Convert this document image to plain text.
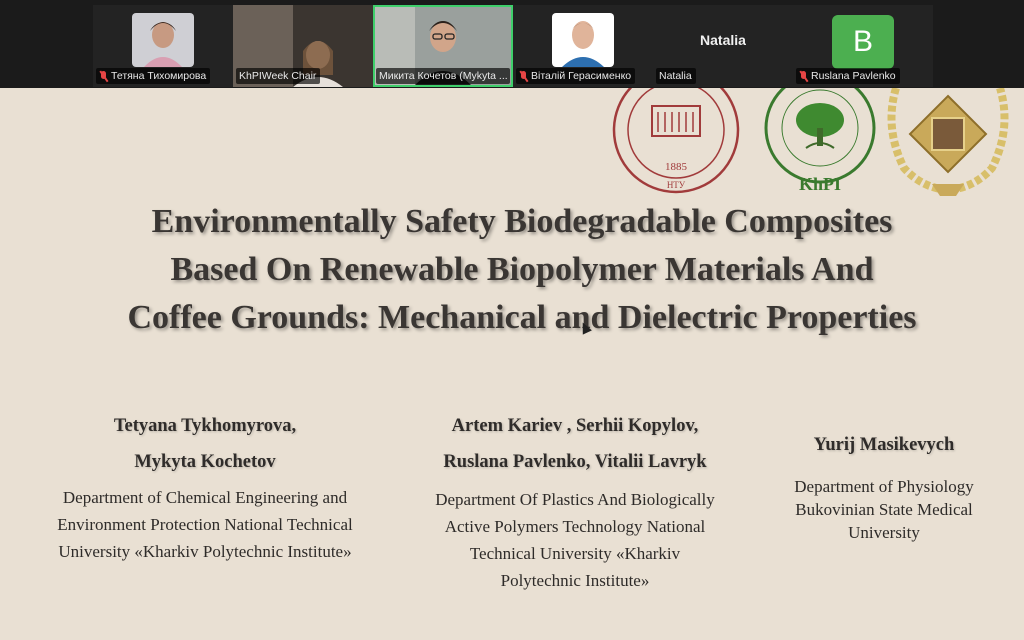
Тетяна Тихомирова	KhPIWeek Chair	Микита Кочетов (Mykyta ... Віталій Герасименко
Natalia
Natalia
B
Ruslana Pavlenko
1885
НТУ	KhPI
Environmentally Safety Biodegradable Composites
Based On Renewable Biopolymer Materials And
Coffee Grounds: Mechanical and Dielectric Properties
Tetyana Tykhomyrova,
Mykyta Kochetov
Department of Chemical Engineering and
Environment Protection National Technical
University «Kharkiv Polytechnic Institute»
Artem Kariev , Serhii Kopylov,
Ruslana Pavlenko, Vitalii Lavryk
Department Of Plastics And Biologically
Active Polymers Technology National
Technical University «Kharkiv
Polytechnic Institute»
Yurij Masikevych
Department of Physiology
Bukovinian State Medical
University
